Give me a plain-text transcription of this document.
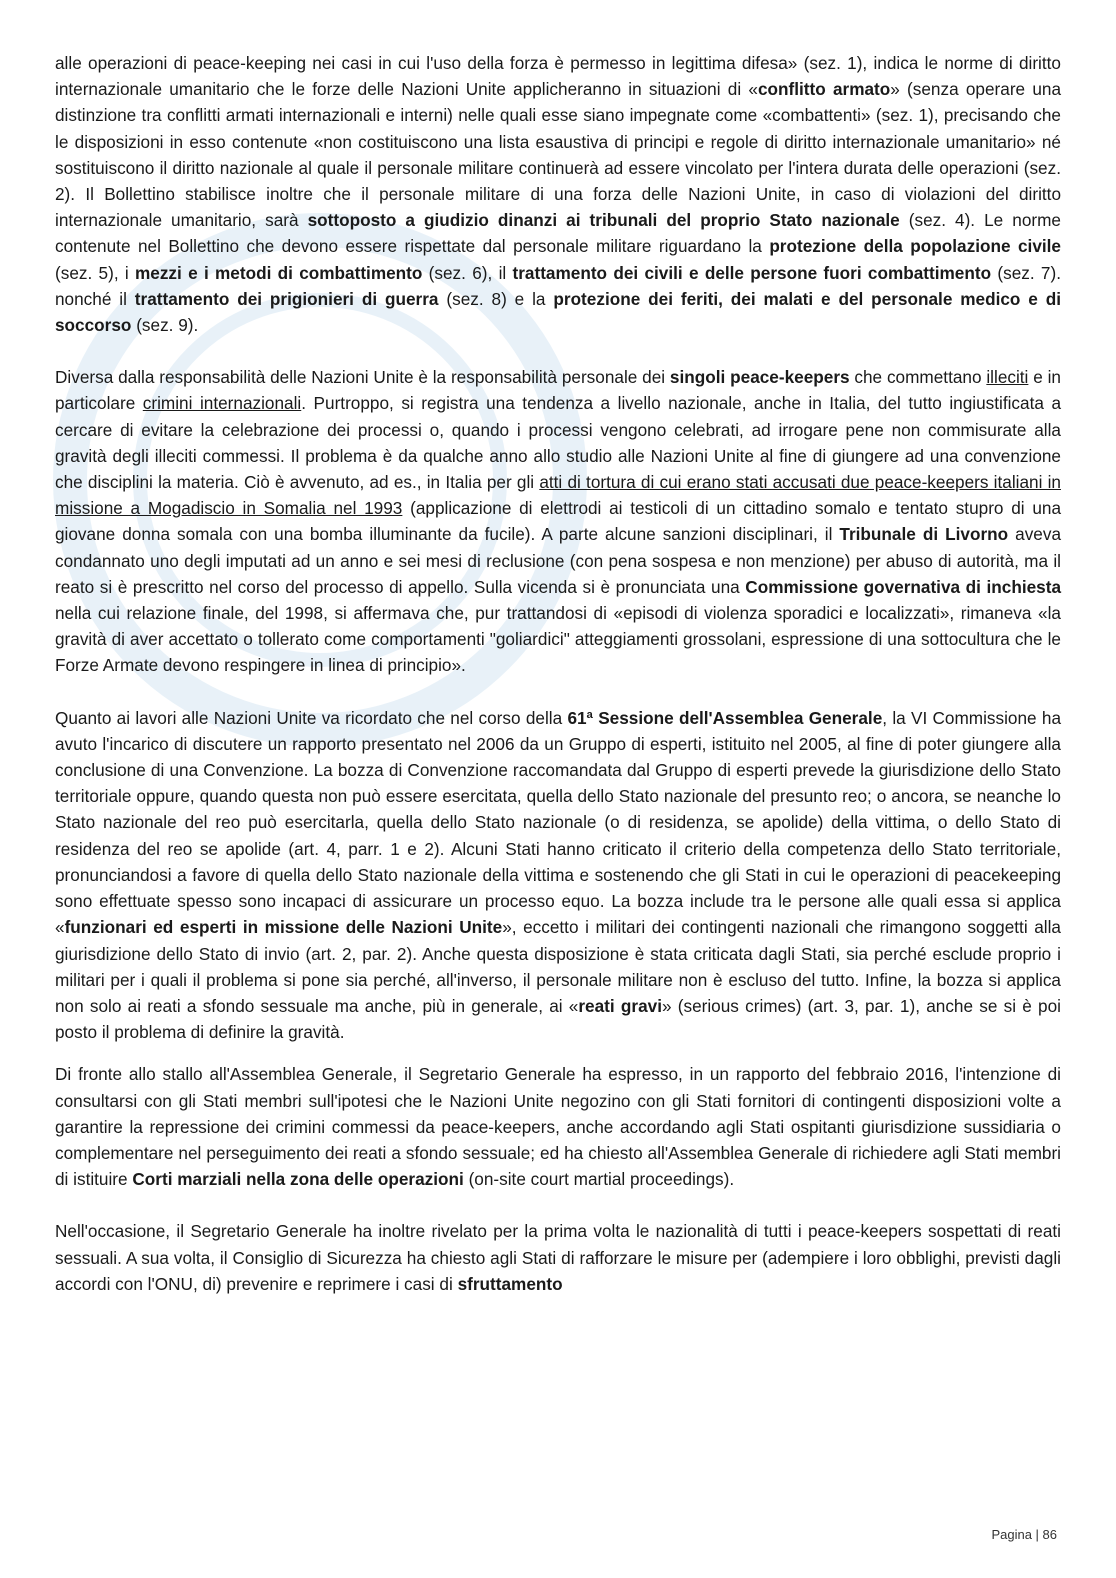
alle operazioni di peace-keeping nei casi in cui l'uso della forza è permesso in legittima difesa» (sez. 1), indica le norme di diritto internazionale umanitario che le forze delle Nazioni Unite applicheranno in situazioni di «conflitto armato» (senza operare una distinzione tra conflitti armati internazionali e interni) nelle quali esse siano impegnate come «combattenti» (sez. 1), precisando che le disposizioni in esso contenute «non costituiscono una lista esaustiva di principi e regole di diritto internazionale umanitario» né sostituiscono il diritto nazionale al quale il personale militare continuerà ad essere vincolato per l'intera durata delle operazioni (sez. 2). Il Bollettino stabilisce inoltre che il personale militare di una forza delle Nazioni Unite, in caso di violazioni del diritto internazionale umanitario, sarà sottoposto a giudizio dinanzi ai tribunali del proprio Stato nazionale (sez. 4). Le norme contenute nel Bollettino che devono essere rispettate dal personale militare riguardano la protezione della popolazione civile (sez. 5), i mezzi e i metodi di combattimento (sez. 6), il trattamento dei civili e delle persone fuori combattimento (sez. 7). nonché il trattamento dei prigionieri di guerra (sez. 8) e la protezione dei feriti, dei malati e del personale medico e di soccorso (sez. 9).

Diversa dalla responsabilità delle Nazioni Unite è la responsabilità personale dei singoli peace-keepers che commettano illeciti e in particolare crimini internazionali. Purtroppo, si registra una tendenza a livello nazionale, anche in Italia, del tutto ingiustificata a cercare di evitare la celebrazione dei processi o, quando i processi vengono celebrati, ad irrogare pene non commisurate alla gravità degli illeciti commessi. Il problema è da qualche anno allo studio alle Nazioni Unite al fine di giungere ad una convenzione che disciplini la materia. Ciò è avvenuto, ad es., in Italia per gli atti di tortura di cui erano stati accusati due peace-keepers italiani in missione a Mogadiscio in Somalia nel 1993 (applicazione di elettrodi ai testicoli di un cittadino somalo e tentato stupro di una giovane donna somala con una bomba illuminante da fucile). A parte alcune sanzioni disciplinari, il Tribunale di Livorno aveva condannato uno degli imputati ad un anno e sei mesi di reclusione (con pena sospesa e non menzione) per abuso di autorità, ma il reato si è prescritto nel corso del processo di appello. Sulla vicenda si è pronunciata una Commissione governativa di inchiesta nella cui relazione finale, del 1998, si affermava che, pur trattandosi di «episodi di violenza sporadici e localizzati», rimaneva «la gravità di aver accettato o tollerato come comportamenti "goliardici" atteggiamenti grossolani, espressione di una sottocultura che le Forze Armate devono respingere in linea di principio».

Quanto ai lavori alle Nazioni Unite va ricordato che nel corso della 61ª Sessione dell'Assemblea Generale, la VI Commissione ha avuto l'incarico di discutere un rapporto presentato nel 2006 da un Gruppo di esperti, istituito nel 2005, al fine di poter giungere alla conclusione di una Convenzione. La bozza di Convenzione raccomandata dal Gruppo di esperti prevede la giurisdizione dello Stato territoriale oppure, quando questa non può essere esercitata, quella dello Stato nazionale del presunto reo; o ancora, se neanche lo Stato nazionale del reo può esercitarla, quella dello Stato nazionale (o di residenza, se apolide) della vittima, o dello Stato di residenza del reo se apolide (art. 4, parr. 1 e 2). Alcuni Stati hanno criticato il criterio della competenza dello Stato territoriale, pronunciandosi a favore di quella dello Stato nazionale della vittima e sostenendo che gli Stati in cui le operazioni di peacekeeping sono effettuate spesso sono incapaci di assicurare un processo equo. La bozza include tra le persone alle quali essa si applica «funzionari ed esperti in missione delle Nazioni Unite», eccetto i militari dei contingenti nazionali che rimangono soggetti alla giurisdizione dello Stato di invio (art. 2, par. 2). Anche questa disposizione è stata criticata dagli Stati, sia perché esclude proprio i militari per i quali il problema si pone sia perché, all'inverso, il personale militare non è escluso del tutto. Infine, la bozza si applica non solo ai reati a sfondo sessuale ma anche, più in generale, ai «reati gravi» (serious crimes) (art. 3, par. 1), anche se si è poi posto il problema di definire la gravità.

Di fronte allo stallo all'Assemblea Generale, il Segretario Generale ha espresso, in un rapporto del febbraio 2016, l'intenzione di consultarsi con gli Stati membri sull'ipotesi che le Nazioni Unite negozino con gli Stati fornitori di contingenti disposizioni volte a garantire la repressione dei crimini commessi da peace-keepers, anche accordando agli Stati ospitanti giurisdizione sussidiaria o complementare nel perseguimento dei reati a sfondo sessuale; ed ha chiesto all'Assemblea Generale di richiedere agli Stati membri di istituire Corti marziali nella zona delle operazioni (on-site court martial proceedings).

Nell'occasione, il Segretario Generale ha inoltre rivelato per la prima volta le nazionalità di tutti i peace-keepers sospettati di reati sessuali. A sua volta, il Consiglio di Sicurezza ha chiesto agli Stati di rafforzare le misure per (adempiere i loro obblighi, previsti dagli accordi con l'ONU, di) prevenire e reprimere i casi di sfruttamento

Pagina | 86
